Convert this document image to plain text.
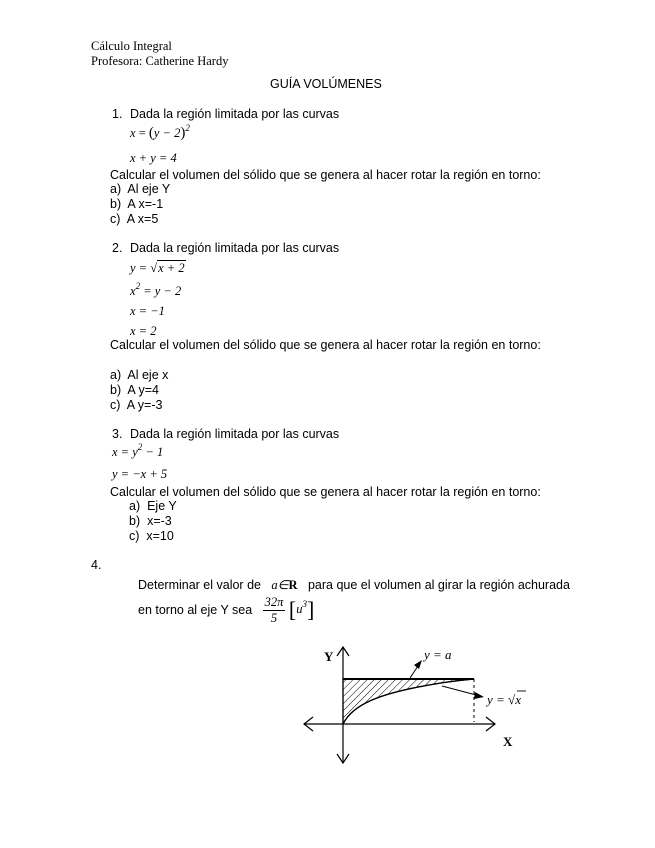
Cálculo Integral
Profesora: Catherine Hardy
GUÍA VOLÚMENES
1. Dada la región limitada por las curvas
$x = (y - 2)^2$
x + y = 4
Calcular el volumen del sólido que se genera al hacer rotar la región en torno:
a) Al eje Y
b) A x=-1
c) A x=5
2. Dada la región limitada por las curvas
y = √x + 2
$x^2 = y - 2$
x = −1
x = 2
Calcular el volumen del sólido que se genera al hacer rotar la región en torno:
a) Al eje x
b) A y=4
c) A y=-3
3. Dada la región limitada por las curvas
$x = y^2 - 1$
y = −x + 5
Calcular el volumen del sólido que se genera al hacer rotar la región en torno:
a) Eje Y
b) x=-3
c) x=10
4.
Determinar el valor de a∈R para que el volumen al girar la región achurada
en torno al eje Y sea $\frac{32\pi}{5} [u^3]$
Y
X
y = a
y = √x
